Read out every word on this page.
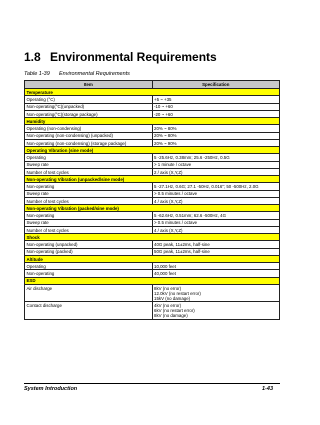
1.8 Environmental Requirements
Table 1-39 Environmental Requirements
Item	Specification
Temperature	
Operating (°C)	+5 ~ +35

Non-operating(°C)(unpacked)	-10 ~ +60

Non-operating(°C)(storage package)	-20 ~ +60

Humidity	
Operating (non-condensing)	20% ~ 80%

Non-operating (non-condensing) (unpacked)	20% ~ 80%

Non-operating (non-condensing) (storage package)	20% ~ 90%

Operating Vibration (sine mode)	
Operating	5 -25.6Hz, 0.38mm; 25.6 -250Hz, 0.5G

Sweep rate	> 1 minute / octave

Number of test cycles	2 / axis (X,Y,Z)

Non-operating Vibration (unpacked/sine mode)	
Non-operating	5 -27.1Hz, 0.6G; 27.1 -50Hz, 0.016"; 50 -500Hz, 2.0G

Sweep rate	> 0.5 minutes / octave

Number of test cycles	4 / axis (X,Y,Z)

Non-operating Vibration (packed/sine mode)	
Non-operating	5 -62.6Hz, 0.51mm; 62.6 -500Hz, 4G

Sweep rate	> 0.5 minutes / octave

Number of test cycles	4 / axis (X,Y,Z)

Shock	
Non-operating (unpacked)	40G peak, 11±2ms, half-sine

Non-operating (packed)	50G peak, 11±2ms, half-sine

Altitude	
Operating	10,000 feet

Non-operating	40,000 feet

ESD	
Air discharge	8kV (no error)
12.0kV (no restart error)
15kV (no damage)

Contact discharge	4kV (no error)
6kV (no restart error)
8kV (no damage)
System Introduction	1-43
